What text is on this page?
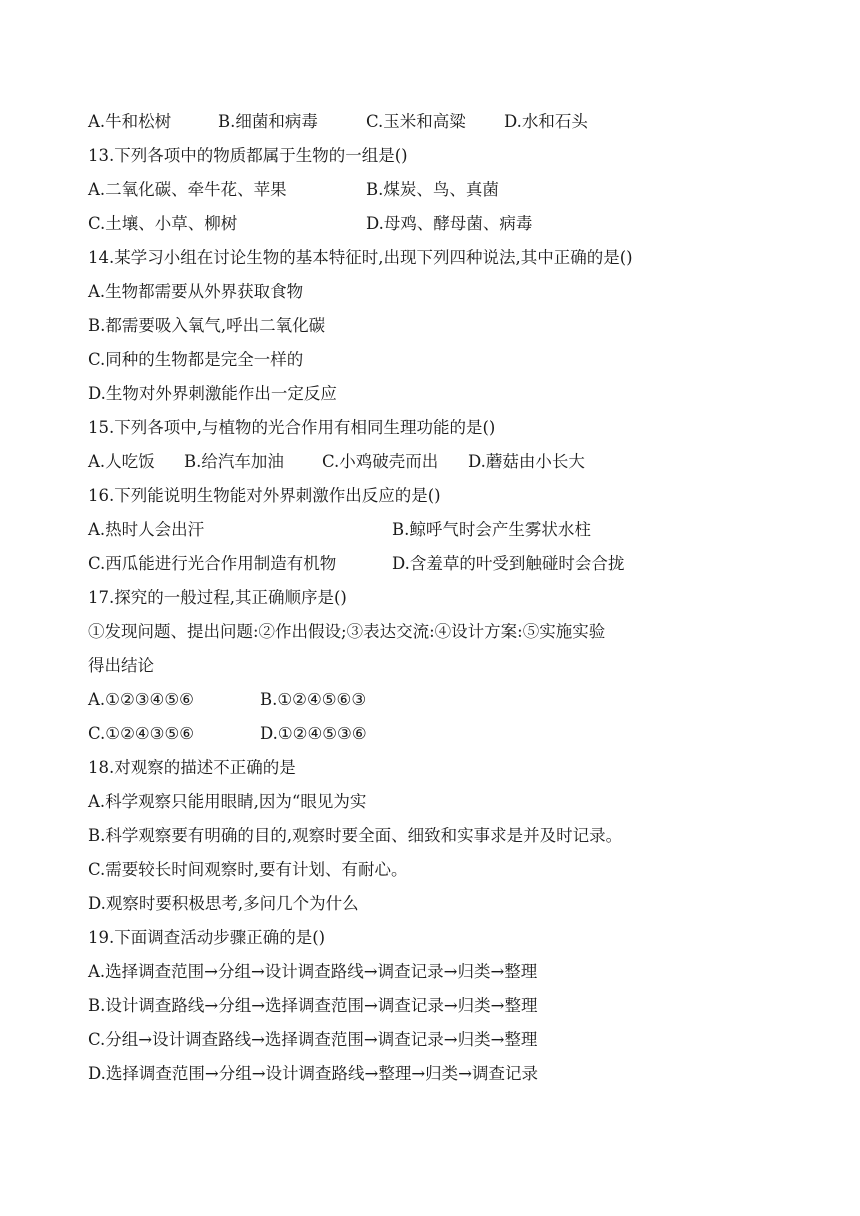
A.牛和松树	B.细菌和病毒	C.玉米和高粱 D.水和石头
13.下列各项中的物质都属于生物的一组是()
A.二氧化碳、牵牛花、苹果	B.煤炭、鸟、真菌
C.土壤、小草、柳树	D.母鸡、酵母菌、病毒
14.某学习小组在讨论生物的基本特征时,出现下列四种说法,其中正确的是()
A.生物都需要从外界获取食物
B.都需要吸入氧气,呼出二氧化碳
C.同种的生物都是完全一样的
D.生物对外界刺激能作出一定反应
15.下列各项中,与植物的光合作用有相同生理功能的是()
A.人吃饭 B.给汽车加油 C.小鸡破壳而出 D.蘑菇由小长大
16.下列能说明生物能对外界刺激作出反应的是()
A.热时人会出汗	B.鲸呼气时会产生雾状水柱
C.西瓜能进行光合作用制造有机物	D.含羞草的叶受到触碰时会合拢
17.探究的一般过程,其正确顺序是()
①发现问题、提出问题:②作出假设;③表达交流:④设计方案:⑤实施实验
得出结论
A.①②③④⑤⑥	B.①②④⑤⑥③
C.①②④③⑤⑥	D.①②④⑤③⑥
18.对观察的描述不正确的是
A.科学观察只能用眼睛,因为“眼见为实
B.科学观察要有明确的目的,观察时要全面、细致和实事求是并及时记录。
C.需要较长时间观察时,要有计划、有耐心。
D.观察时要积极思考,多问几个为什么
19.下面调查活动步骤正确的是()
A.选择调查范围→分组→设计调查路线→调查记录→归类→整理
B.设计调查路线→分组→选择调查范围→调查记录→归类→整理
C.分组→设计调查路线→选择调查范围→调查记录→归类→整理
D.选择调查范围→分组→设计调查路线→整理→归类→调查记录
